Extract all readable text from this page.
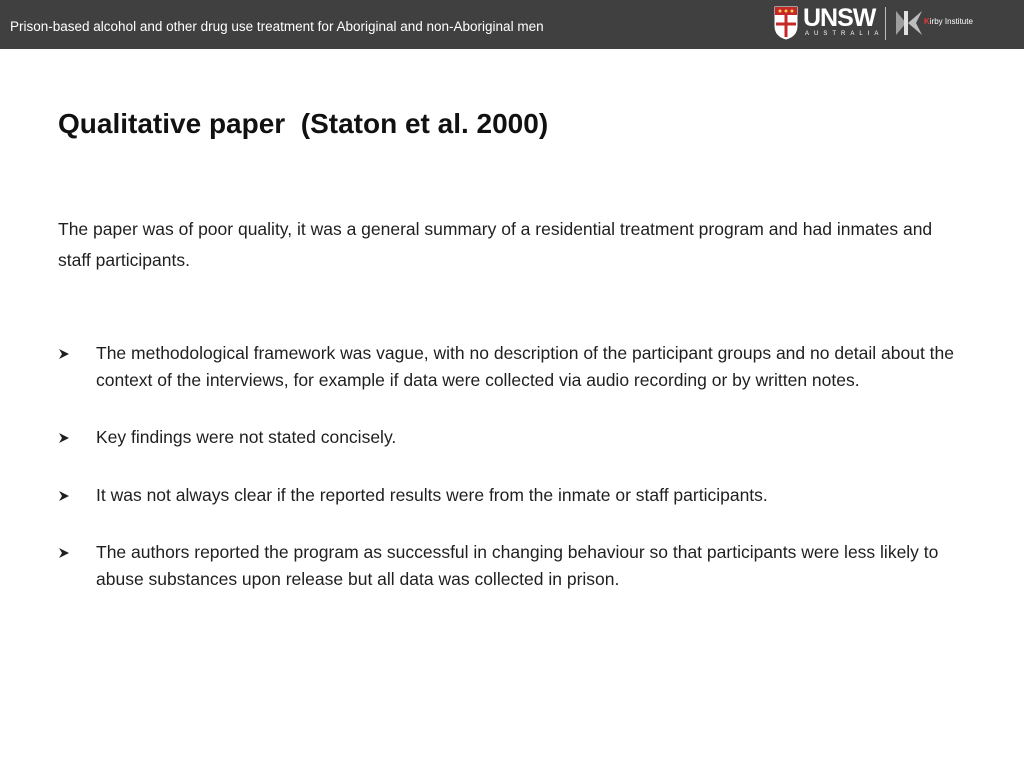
Prison-based alcohol and other drug use treatment for Aboriginal and non-Aboriginal men	UNSW
AUSTRALIA
Kirby Institute
Qualitative paper  (Staton et al. 2000)

The paper was of poor quality, it was a general summary of a residential treatment program and had inmates and staff participants.

The methodological framework was vague, with no description of the participant groups and no detail about the context of the interviews, for example if data were collected via audio recording or by written notes.
Key findings were not stated concisely.
It was not always clear if the reported results were from the inmate or staff participants.
The authors reported the program as successful in changing behaviour so that participants were less likely to abuse substances upon release but all data was collected in prison.
